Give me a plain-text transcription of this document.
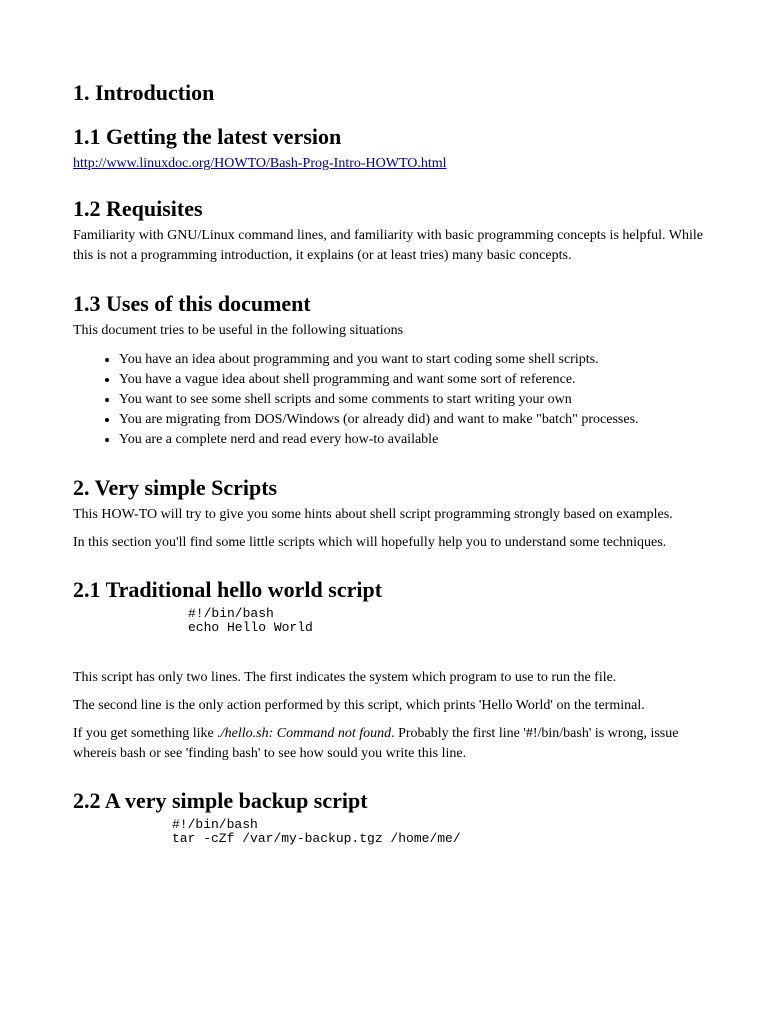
1. Introduction
1.1 Getting the latest version
http://www.linuxdoc.org/HOWTO/Bash-Prog-Intro-HOWTO.html
1.2 Requisites

Familiarity with GNU/Linux command lines, and familiarity with basic programming concepts is helpful. While this is not a programming introduction, it explains (or at least tries) many basic concepts.

1.3 Uses of this document

This document tries to be useful in the following situations

• You have an idea about programming and you want to start coding some shell scripts.
• You have a vague idea about shell programming and want some sort of reference.
• You want to see some shell scripts and some comments to start writing your own
• You are migrating from DOS/Windows (or already did) and want to make "batch" processes.
• You are a complete nerd and read every how-to available
2. Very simple Scripts

This HOW-TO will try to give you some hints about shell script programming strongly based on examples.

In this section you'll find some little scripts which will hopefully help you to understand some techniques.

2.1 Traditional hello world script
#!/bin/bash
echo Hello World

This script has only two lines. The first indicates the system which program to use to run the file.

The second line is the only action performed by this script, which prints 'Hello World' on the terminal.

If you get something like ./hello.sh: Command not found. Probably the first line '#!/bin/bash' is wrong, issue whereis bash or see 'finding bash' to see how sould you write this line.

2.2 A very simple backup script
#!/bin/bash
tar -cZf /var/my-backup.tgz /home/me/
